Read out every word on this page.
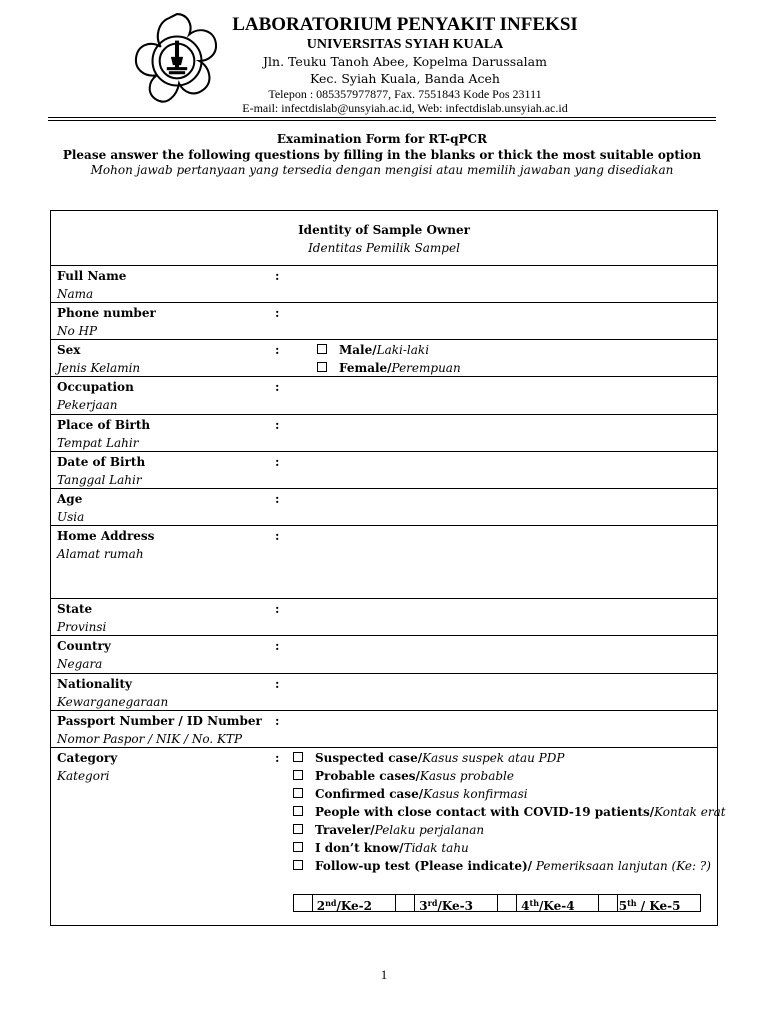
LABORATORIUM PENYAKIT INFEKSI
UNIVERSITAS SYIAH KUALA
Jln. Teuku Tanoh Abee, Kopelma Darussalam
Kec. Syiah Kuala, Banda Aceh
Telepon : 085357977877, Fax. 7551843 Kode Pos 23111
E-mail: infectdislab@unsyiah.ac.id, Web: infectdislab.unsyiah.ac.id
Examination Form for RT-qPCR
Please answer the following questions by filling in the blanks or thick the most suitable option
Mohon jawab pertanyaan yang tersedia dengan mengisi atau memilih jawaban yang disediakan
Identity of Sample Owner
Identitas Pemilik Sampel
Full Name
Nama
:
Phone number
No HP
:
Sex
Jenis Kelamin
:	Male/Laki-laki
Female/Perempuan
Occupation
Pekerjaan
:
Place of Birth
Tempat Lahir
:
Date of Birth
Tanggal Lahir
:
Age
Usia
:
Home Address
Alamat rumah
:
State
Provinsi
:
Country
Negara
:
Nationality
Kewarganegaraan
:
Passport Number / ID Number
Nomor Paspor / NIK / No. KTP
:
Category
Kategori
:	Suspected case/Kasus suspek atau PDP
Probable cases/Kasus probable
Confirmed case/Kasus konfirmasi
People with close contact with COVID-19 patients/Kontak erat
Traveler/Pelaku perjalanan
I don’t know/Tidak tahu
Follow-up test (Please indicate)/ Pemeriksaan lanjutan (Ke: ?)
2nd/Ke-2	3rd/Ke-3	4th/Ke-4	5th / Ke-5
1
